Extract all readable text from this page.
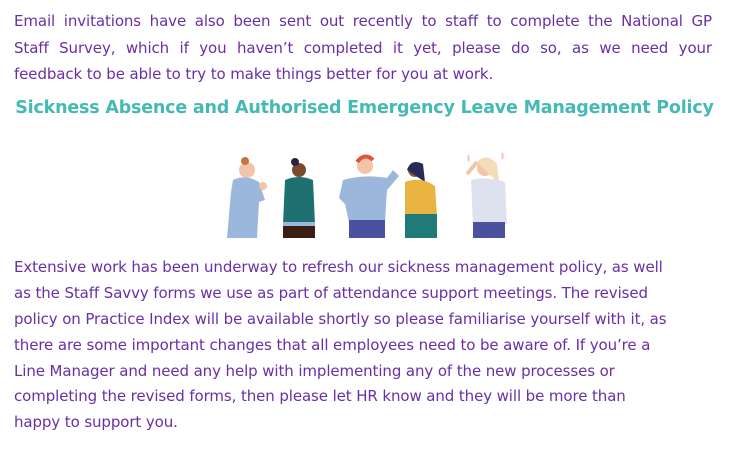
Email invitations have also been sent out recently to staff to complete the National GP
Staff Survey, which if you haven’t completed it yet, please do so, as we need your
feedback to be able to try to make things better for you at work.
Sickness Absence and Authorised Emergency Leave Management Policy
‖	‖
Extensive work has been underway to refresh our sickness management policy, as well
as the Staff Savvy forms we use as part of attendance support meetings. The revised
policy on Practice Index will be available shortly so please familiarise yourself with it, as
there are some important changes that all employees need to be aware of. If you’re a
Line Manager and need any help with implementing any of the new processes or
completing the revised forms, then please let HR know and they will be more than
happy to support you.
